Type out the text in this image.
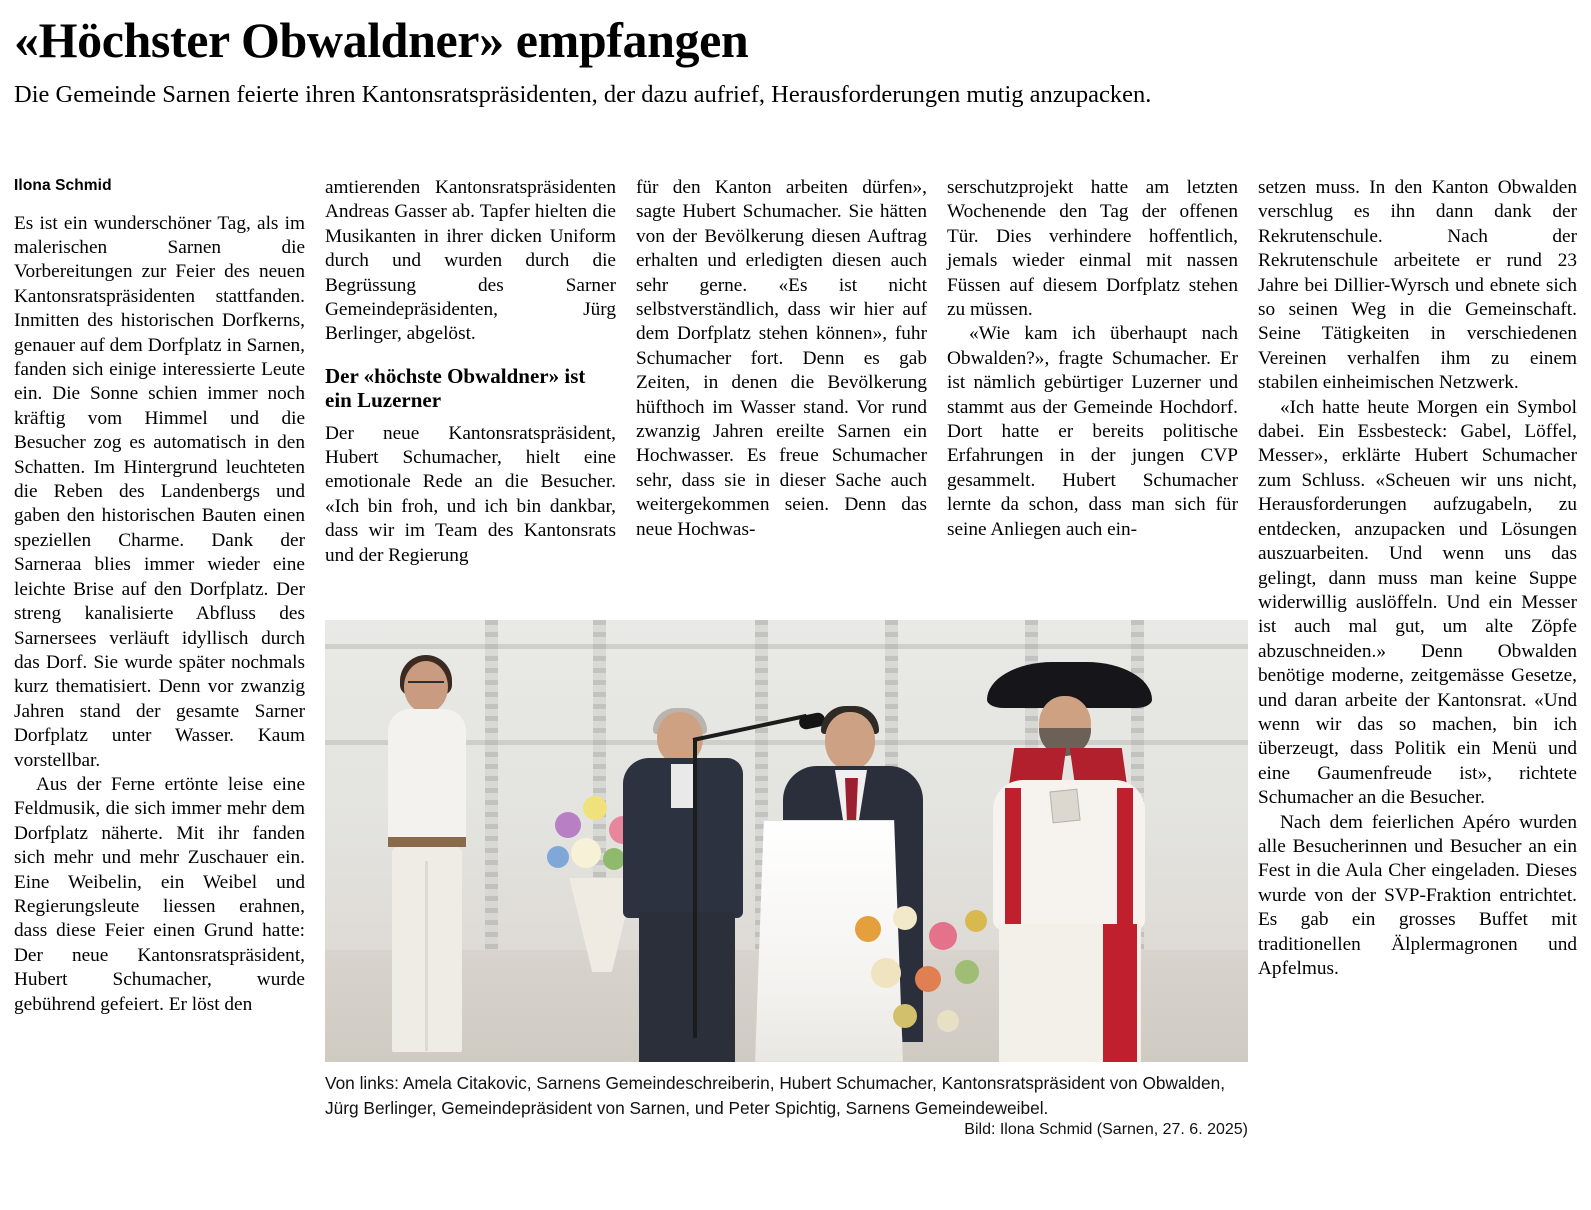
«Höchster Obwaldner» empfangen

Die Gemeinde Sarnen feierte ihren Kantonsratspräsidenten, der dazu aufrief, Herausforderungen mutig anzupacken.

Ilona Schmid

Es ist ein wunderschöner Tag, als im malerischen Sarnen die Vorbereitungen zur Feier des neuen Kantonsratspräsidenten stattfanden. Inmitten des historischen Dorfkerns, genauer auf dem Dorfplatz in Sarnen, fanden sich einige interessierte Leute ein. Die Sonne schien immer noch kräftig vom Himmel und die Besucher zog es automatisch in den Schatten. Im Hintergrund leuchteten die Reben des Landenbergs und gaben den historischen Bauten einen speziellen Charme. Dank der Sarneraa blies immer wieder eine leichte Brise auf den Dorfplatz. Der streng kanalisierte Abfluss des Sarnersees verläuft idyllisch durch das Dorf. Sie wurde später nochmals kurz thematisiert. Denn vor zwanzig Jahren stand der gesamte Sarner Dorfplatz unter Wasser. Kaum vorstellbar.

Aus der Ferne ertönte leise eine Feldmusik, die sich immer mehr dem Dorfplatz näherte. Mit ihr fanden sich mehr und mehr Zuschauer ein. Eine Weibelin, ein Weibel und Regierungsleute liessen erahnen, dass diese Feier einen Grund hatte: Der neue Kantonsratspräsident, Hubert Schumacher, wurde gebührend gefeiert. Er löst den

amtierenden Kantonsratspräsidenten Andreas Gasser ab. Tapfer hielten die Musikanten in ihrer dicken Uniform durch und wurden durch die Begrüssung des Sarner Gemeindepräsidenten, Jürg Berlinger, abgelöst.

Der «höchste Obwaldner» ist ein Luzerner

Der neue Kantonsratspräsident, Hubert Schumacher, hielt eine emotionale Rede an die Besucher. «Ich bin froh, und ich bin dankbar, dass wir im Team des Kantonsrats und der Regierung

für den Kanton arbeiten dürfen», sagte Hubert Schumacher. Sie hätten von der Bevölkerung diesen Auftrag erhalten und erledigten diesen auch sehr gerne. «Es ist nicht selbstverständlich, dass wir hier auf dem Dorfplatz stehen können», fuhr Schumacher fort. Denn es gab Zeiten, in denen die Bevölkerung hüfthoch im Wasser stand. Vor rund zwanzig Jahren ereilte Sarnen ein Hochwasser. Es freue Schumacher sehr, dass sie in dieser Sache auch weitergekommen seien. Denn das neue Hochwas-

serschutzprojekt hatte am letzten Wochenende den Tag der offenen Tür. Dies verhindere hoffentlich, jemals wieder einmal mit nassen Füssen auf diesem Dorfplatz stehen zu müssen.

«Wie kam ich überhaupt nach Obwalden?», fragte Schumacher. Er ist nämlich gebürtiger Luzerner und stammt aus der Gemeinde Hochdorf. Dort hatte er bereits politische Erfahrungen in der jungen CVP gesammelt. Hubert Schumacher lernte da schon, dass man sich für seine Anliegen auch ein-

setzen muss. In den Kanton Obwalden verschlug es ihn dann dank der Rekrutenschule. Nach der Rekrutenschule arbeitete er rund 23 Jahre bei Dillier-Wyrsch und ebnete sich so seinen Weg in die Gemeinschaft. Seine Tätigkeiten in verschiedenen Vereinen verhalfen ihm zu einem stabilen einheimischen Netzwerk.

«Ich hatte heute Morgen ein Symbol dabei. Ein Essbesteck: Gabel, Löffel, Messer», erklärte Hubert Schumacher zum Schluss. «Scheuen wir uns nicht, Herausforderungen aufzugabeln, zu entdecken, anzupacken und Lösungen auszuarbeiten. Und wenn uns das gelingt, dann muss man keine Suppe widerwillig auslöffeln. Und ein Messer ist auch mal gut, um alte Zöpfe abzuschneiden.» Denn Obwalden benötige moderne, zeitgemässe Gesetze, und daran arbeite der Kantonsrat. «Und wenn wir das so machen, bin ich überzeugt, dass Politik ein Menü und eine Gaumenfreude ist», richtete Schumacher an die Besucher.

Nach dem feierlichen Apéro wurden alle Besucherinnen und Besucher an ein Fest in die Aula Cher eingeladen. Dieses wurde von der SVP-Fraktion entrichtet. Es gab ein grosses Buffet mit traditionellen Älplermagronen und Apfelmus.

Von links: Amela Citakovic, Sarnens Gemeindeschreiberin, Hubert Schumacher, Kantonsratspräsident von Obwalden, Jürg Berlinger, Gemeindepräsident von Sarnen, und Peter Spichtig, Sarnens Gemeindeweibel.
Bild: Ilona Schmid (Sarnen, 27. 6. 2025)
